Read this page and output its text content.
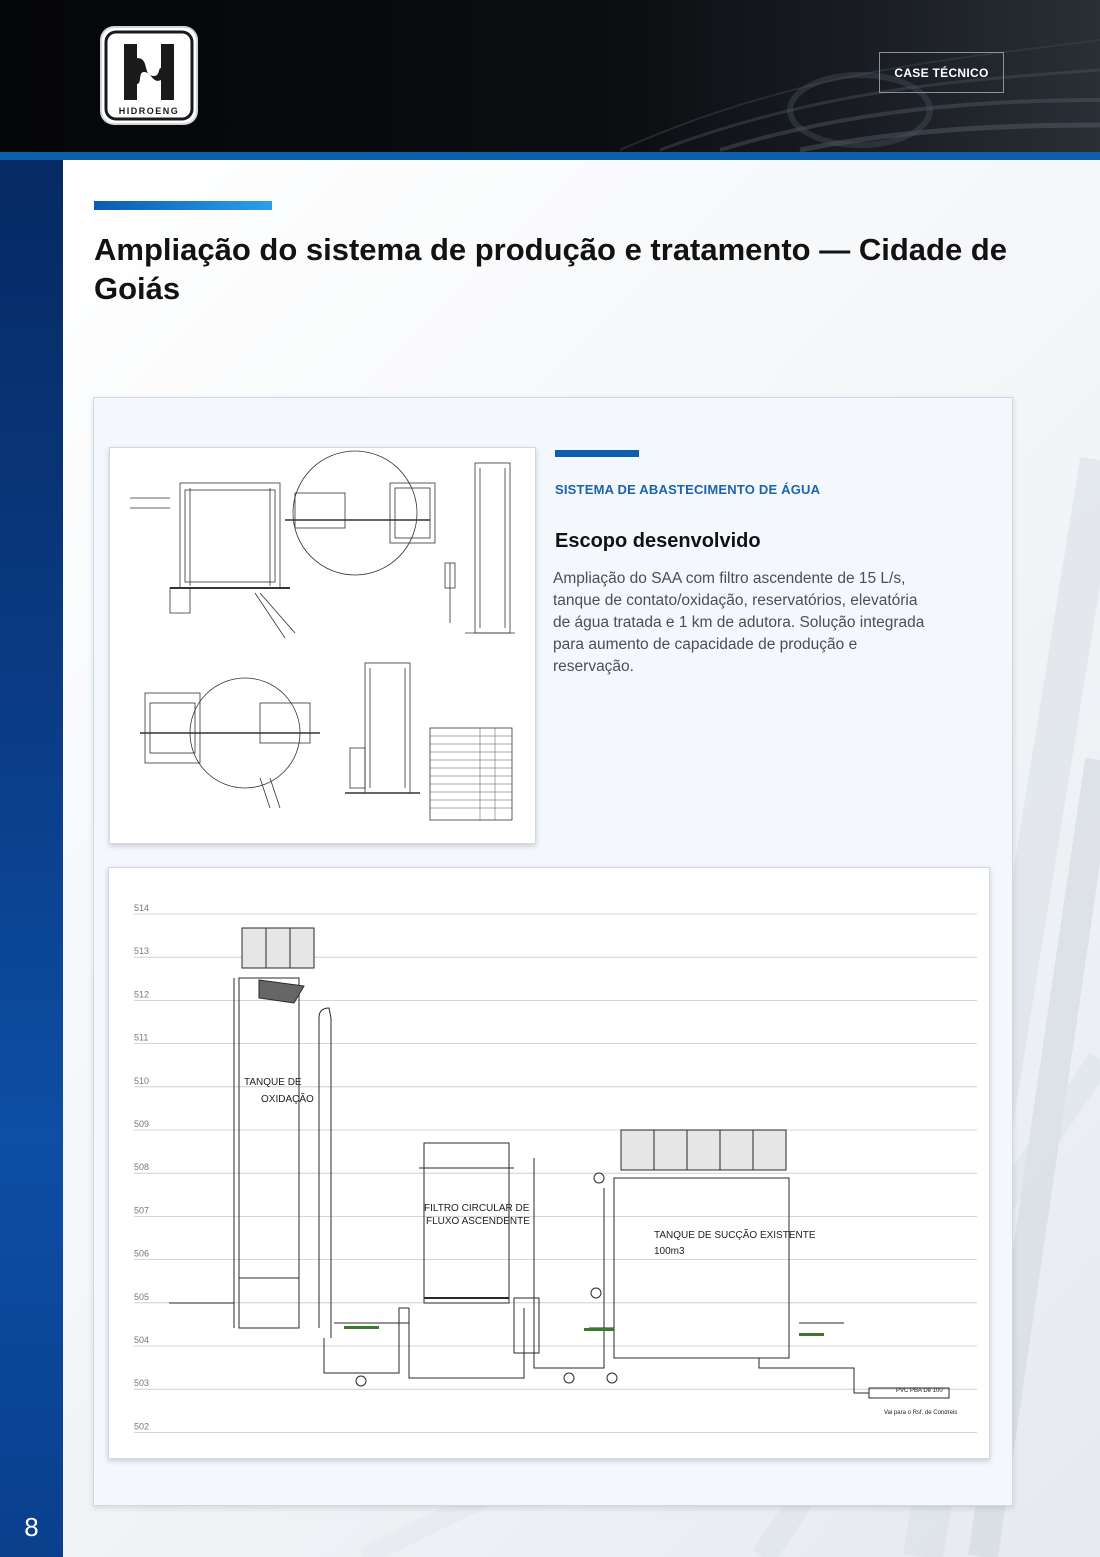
HIDROENG
CASE TÉCNICO
8
Ampliação do sistema de produção e tratamento — Cidade de Goiás
SISTEMA DE ABASTECIMENTO DE ÁGUA
Escopo desenvolvido

Ampliação do SAA com filtro ascendente de 15 L/s, tanque de contato/oxidação, reservatórios, elevatória de água tratada e 1 km de adutora. Solução integrada para aumento de capacidade de produção e reservação.

514
513
512
511
510
509
508
507
506
505
504
503
502
TANQUE DE
OXIDAÇÃO
FILTRO CIRCULAR DE
FLUXO ASCENDENTE
TANQUE DE SUCÇÃO EXISTENTE
100m3
PVC PBA De 100
Vai para o Rsf. de Condreis
